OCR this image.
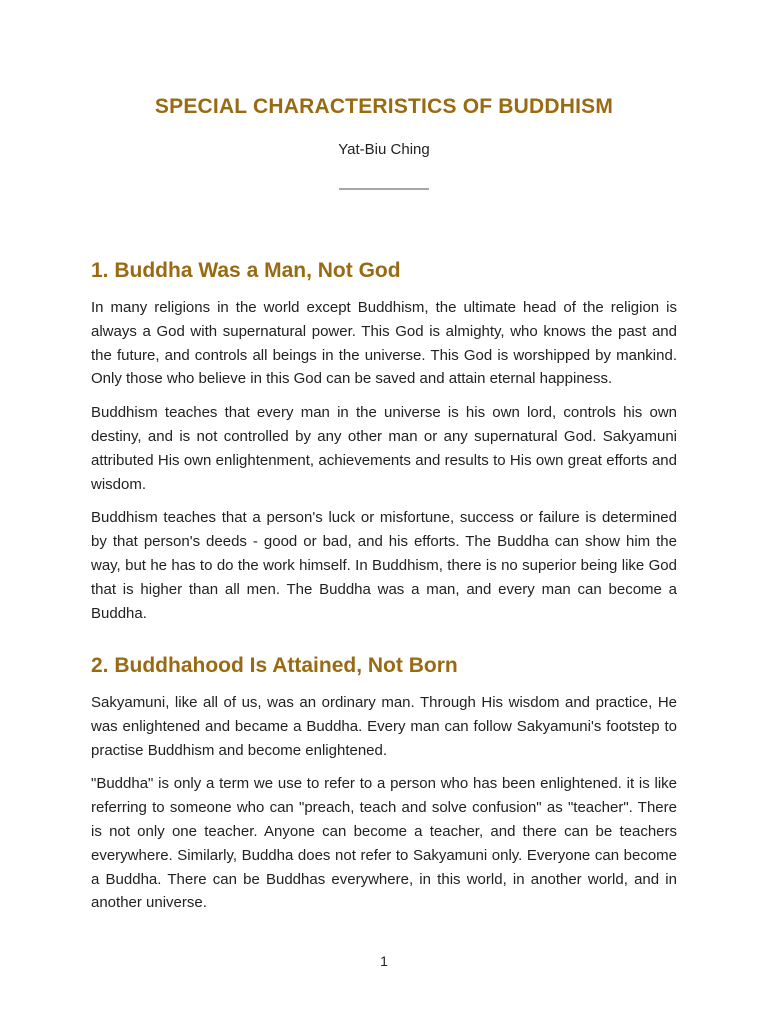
SPECIAL CHARACTERISTICS OF BUDDHISM

Yat-Biu Ching

1. Buddha Was a Man, Not God

In many religions in the world except Buddhism, the ultimate head of the religion is always a God with supernatural power. This God is almighty, who knows the past and the future, and controls all beings in the universe. This God is worshipped by mankind. Only those who believe in this God can be saved and attain eternal happiness.

Buddhism teaches that every man in the universe is his own lord, controls his own destiny, and is not controlled by any other man or any supernatural God. Sakyamuni attributed His own enlightenment, achievements and results to His own great efforts and wisdom.

Buddhism teaches that a person's luck or misfortune, success or failure is determined by that person's deeds - good or bad, and his efforts. The Buddha can show him the way, but he has to do the work himself. In Buddhism, there is no superior being like God that is higher than all men. The Buddha was a man, and every man can become a Buddha.

2. Buddhahood Is Attained, Not Born

Sakyamuni, like all of us, was an ordinary man. Through His wisdom and practice, He was enlightened and became a Buddha. Every man can follow Sakyamuni's footstep to practise Buddhism and become enlightened.

"Buddha" is only a term we use to refer to a person who has been enlightened. it is like referring to someone who can "preach, teach and solve confusion" as "teacher". There is not only one teacher. Anyone can become a teacher, and there can be teachers everywhere. Similarly, Buddha does not refer to Sakyamuni only. Everyone can become a Buddha. There can be Buddhas everywhere, in this world, in another world, and in another universe.

1
